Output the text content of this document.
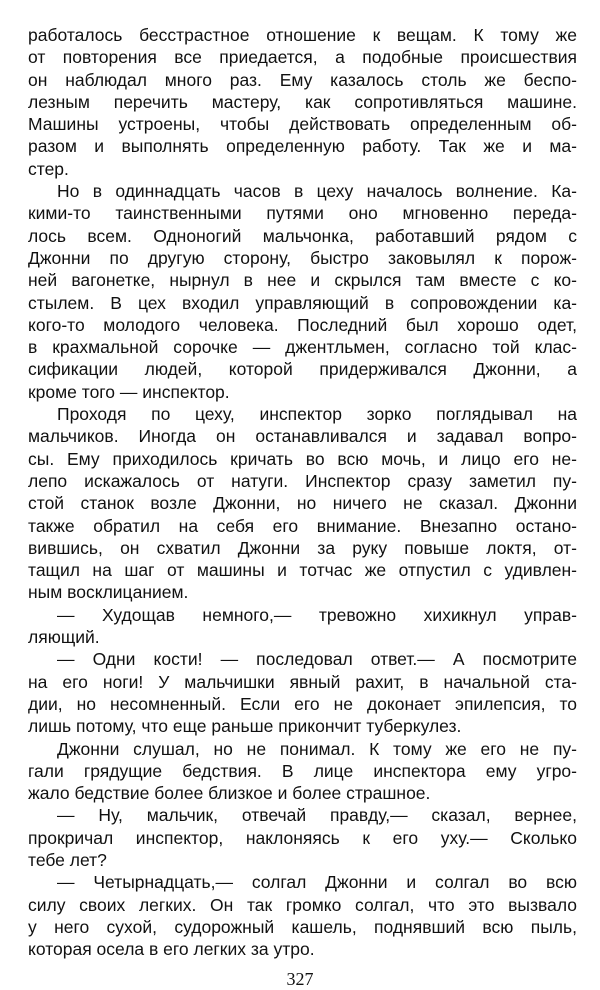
работалось бесстрастное отношение к вещам. К тому же
от повторения все приедается, а подобные происшествия
он наблюдал много раз. Ему казалось столь же беспо-
лезным перечить мастеру, как сопротивляться машине.
Машины устроены, чтобы действовать определенным об-
разом и выполнять определенную работу. Так же и ма-
стер.
Но в одиннадцать часов в цеху началось волнение. Ка-
кими-то таинственными путями оно мгновенно переда-
лось всем. Одноногий мальчонка, работавший рядом с
Джонни по другую сторону, быстро заковылял к порож-
ней вагонетке, нырнул в нее и скрылся там вместе с ко-
стылем. В цех входил управляющий в сопровождении ка-
кого-то молодого человека. Последний был хорошо одет,
в крахмальной сорочке — джентльмен, согласно той клас-
сификации людей, которой придерживался Джонни, а
кроме того — инспектор.
Проходя по цеху, инспектор зорко поглядывал на
мальчиков. Иногда он останавливался и задавал вопро-
сы. Ему приходилось кричать во всю мочь, и лицо его не-
лепо искажалось от натуги. Инспектор сразу заметил пу-
стой станок возле Джонни, но ничего не сказал. Джонни
также обратил на себя его внимание. Внезапно остано-
вившись, он схватил Джонни за руку повыше локтя, от-
тащил на шаг от машины и тотчас же отпустил с удивлен-
ным восклицанием.
— Худощав немного,— тревожно хихикнул управ-
ляющий.
— Одни кости! — последовал ответ.— А посмотрите
на его ноги! У мальчишки явный рахит, в начальной ста-
дии, но несомненный. Если его не доконает эпилепсия, то
лишь потому, что еще раньше прикончит туберкулез.
Джонни слушал, но не понимал. К тому же его не пу-
гали грядущие бедствия. В лице инспектора ему угро-
жало бедствие более близкое и более страшное.
— Ну, мальчик, отвечай правду,— сказал, вернее,
прокричал инспектор, наклоняясь к его уху.— Сколько
тебе лет?
— Четырнадцать,— солгал Джонни и солгал во всю
силу своих легких. Он так громко солгал, что это вызвало
у него сухой, судорожный кашель, поднявший всю пыль,
которая осела в его легких за утро.
327
